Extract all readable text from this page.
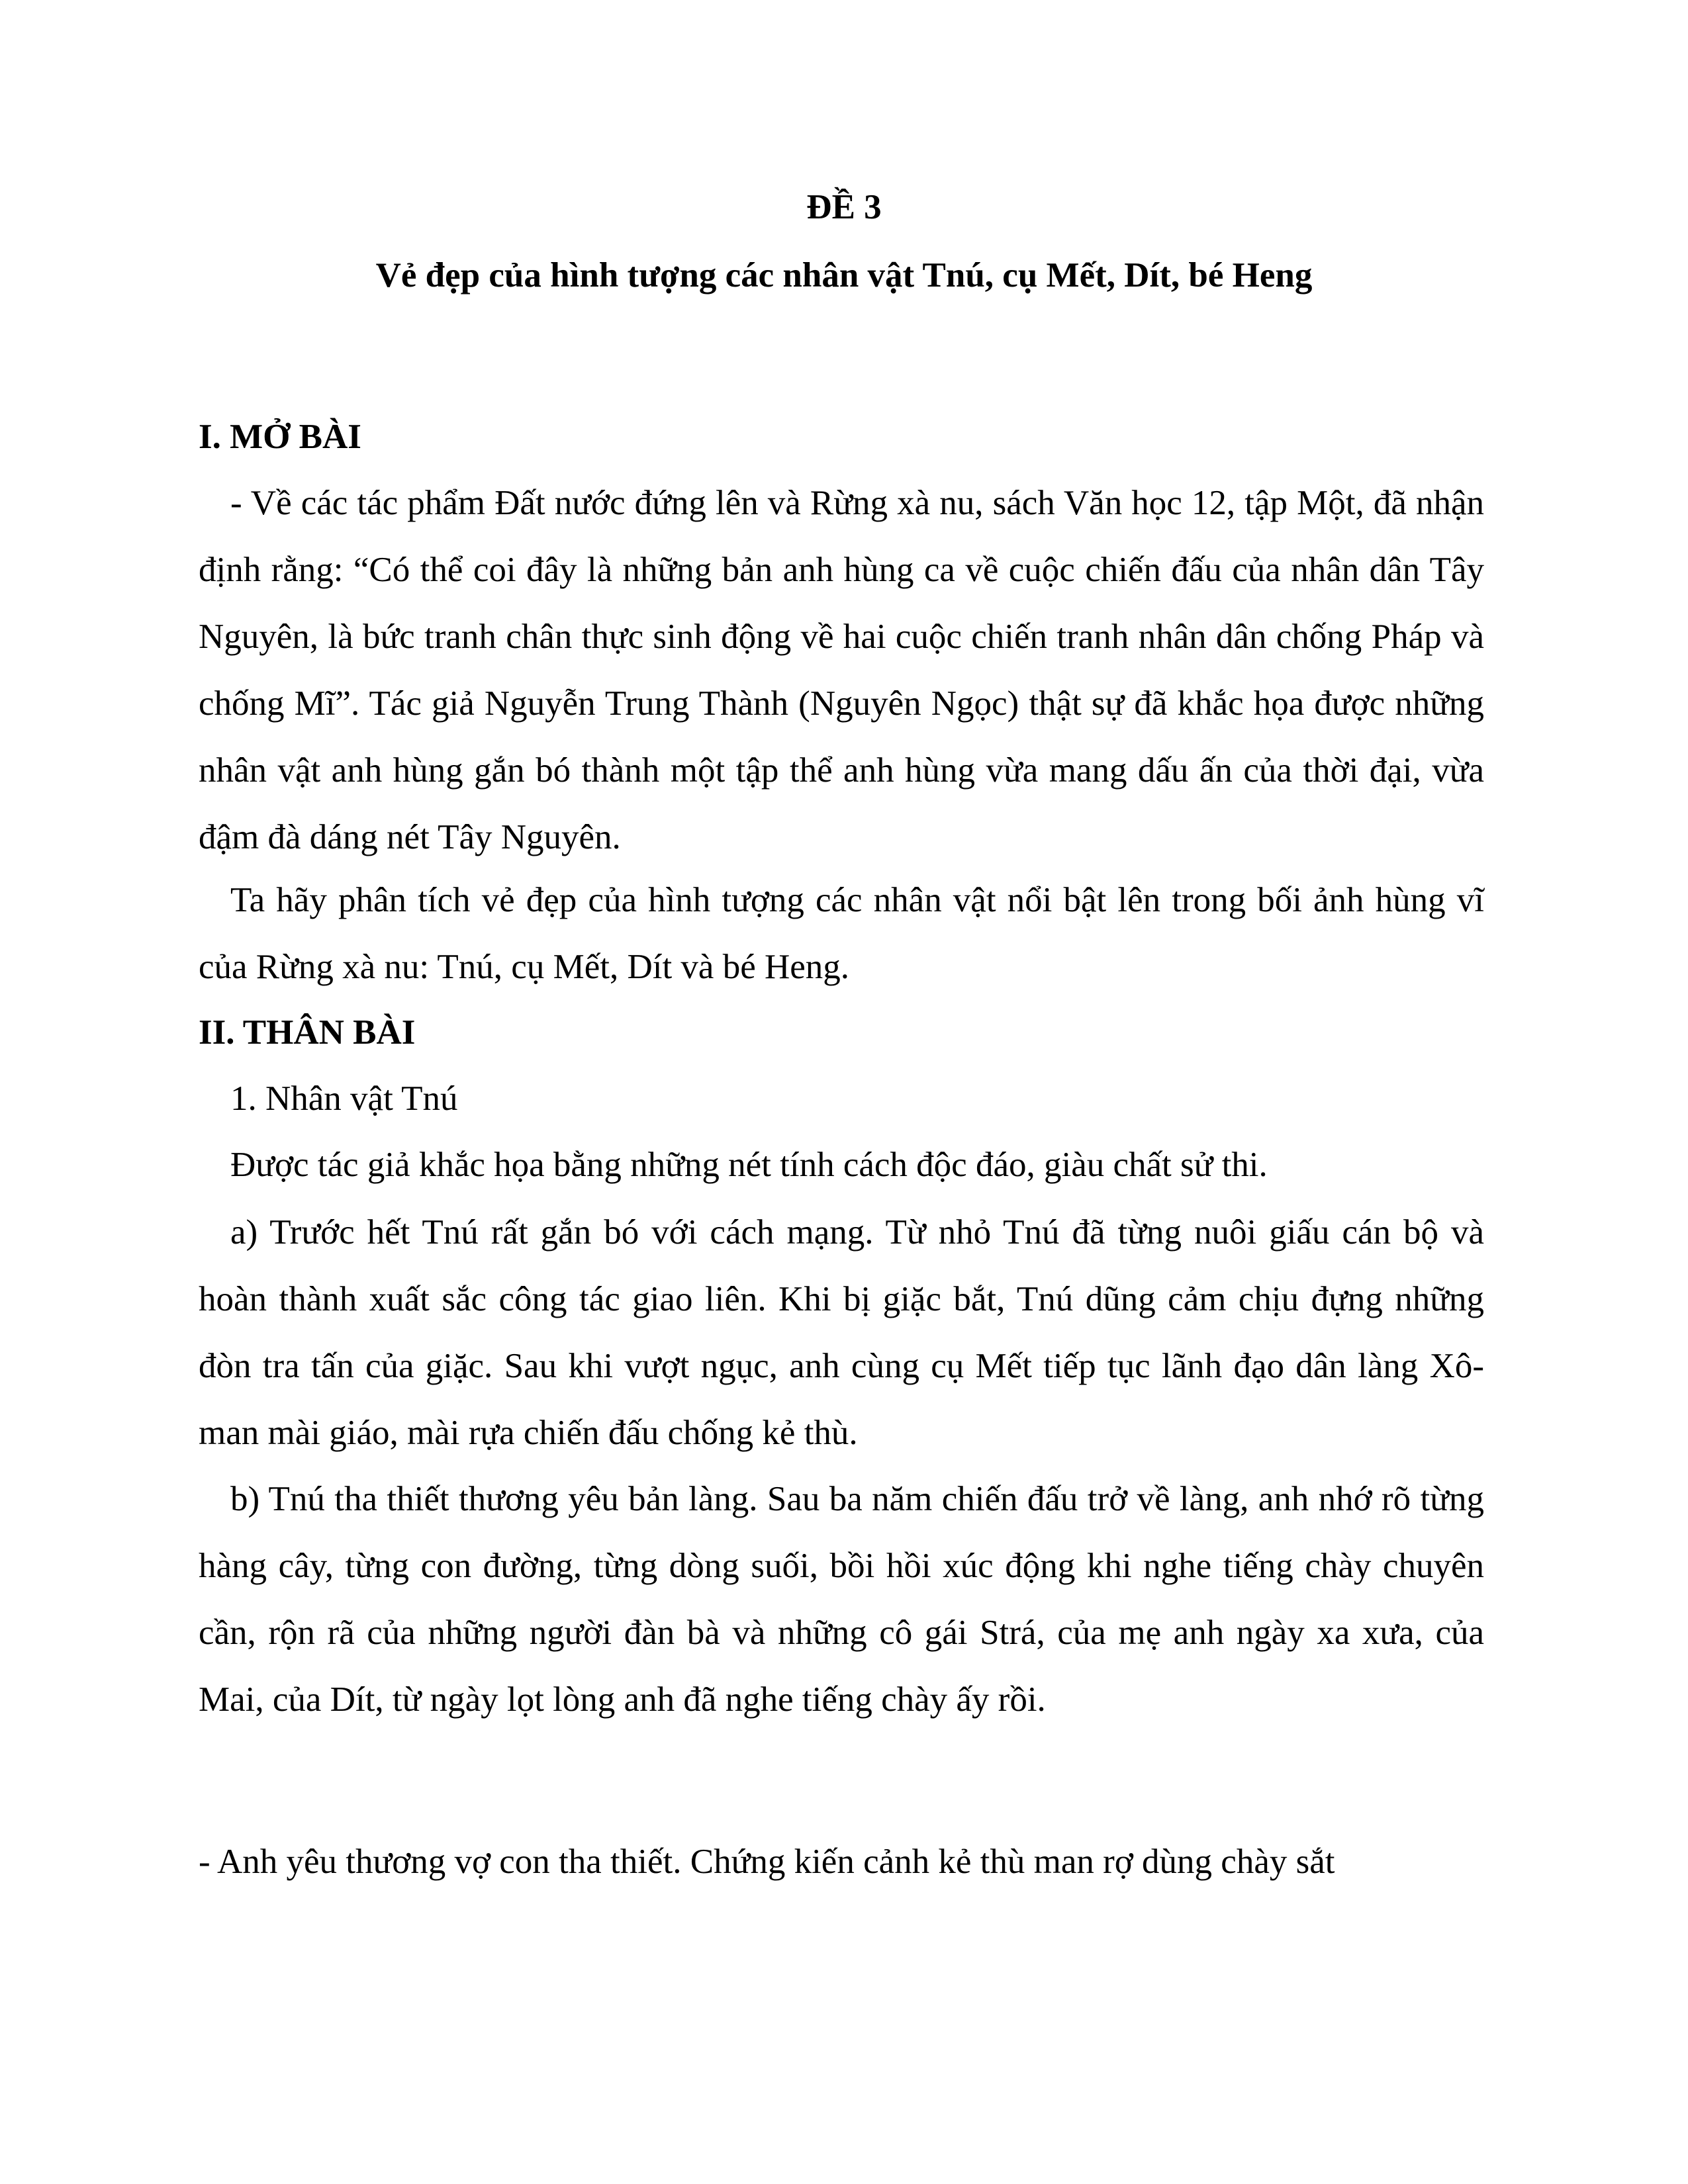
ĐỀ 3
Vẻ đẹp của hình tượng các nhân vật Tnú, cụ Mết, Dít, bé Heng
I. MỞ BÀI

- Về các tác phẩm Đất nước đứng lên và Rừng xà nu, sách Văn học 12, tập Một, đã nhận định rằng: “Có thể coi đây là những bản anh hùng ca về cuộc chiến đấu của nhân dân Tây Nguyên, là bức tranh chân thực sinh động về hai cuộc chiến tranh nhân dân chống Pháp và chống Mĩ”. Tác giả Nguyễn Trung Thành (Nguyên Ngọc) thật sự đã khắc họa được những nhân vật anh hùng gắn bó thành một tập thể anh hùng vừa mang dấu ấn của thời đại, vừa đậm đà dáng nét Tây Nguyên.

Ta hãy phân tích vẻ đẹp của hình tượng các nhân vật nổi bật lên trong bối ảnh hùng vĩ của Rừng xà nu: Tnú, cụ Mết, Dít và bé Heng.

II. THÂN BÀI

1. Nhân vật Tnú

Được tác giả khắc họa bằng những nét tính cách độc đáo, giàu chất sử thi.

a) Trước hết Tnú rất gắn bó với cách mạng. Từ nhỏ Tnú đã từng nuôi giấu cán bộ và hoàn thành xuất sắc công tác giao liên. Khi bị giặc bắt, Tnú dũng cảm chịu đựng những đòn tra tấn của giặc. Sau khi vượt ngục, anh cùng cụ Mết tiếp tục lãnh đạo dân làng Xô-man mài giáo, mài rựa chiến đấu chống kẻ thù.

b) Tnú tha thiết thương yêu bản làng. Sau ba năm chiến đấu trở về làng, anh nhớ rõ từng hàng cây, từng con đường, từng dòng suối, bồi hồi xúc động khi nghe tiếng chày chuyên cần, rộn rã của những người đàn bà và những cô gái Strá, của mẹ anh ngày xa xưa, của Mai, của Dít, từ ngày lọt lòng anh đã nghe tiếng chày ấy rồi.

- Anh yêu thương vợ con tha thiết. Chứng kiến cảnh kẻ thù man rợ dùng chày sắt
